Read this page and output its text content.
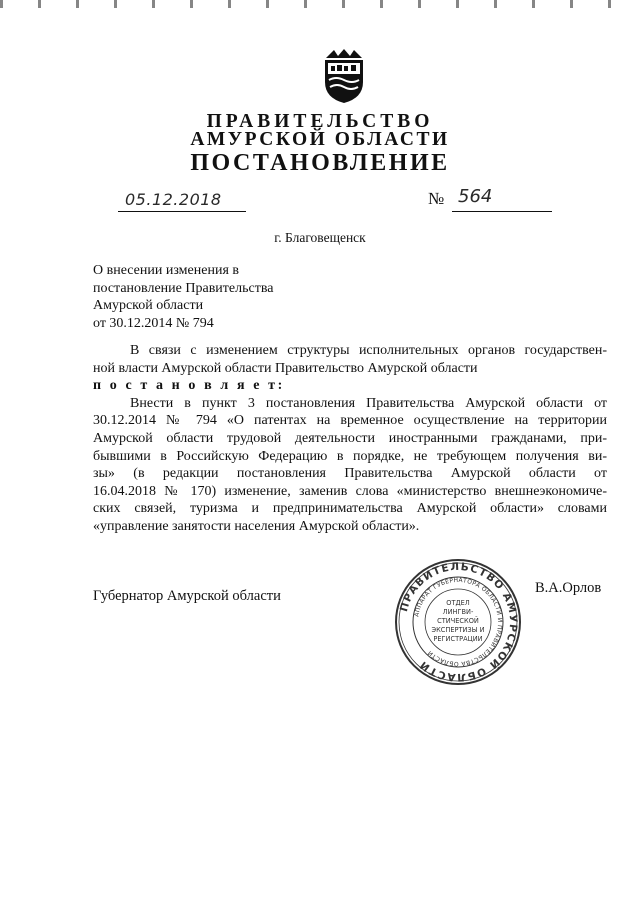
ПРАВИТЕЛЬСТВО
АМУРСКОЙ ОБЛАСТИ
ПОСТАНОВЛЕНИЕ
05.12.2018	№ 564
г. Благовещенск
О внесении изменения в
постановление Правительства
Амурской области
от 30.12.2014 № 794
В связи с изменением структуры исполнительных органов государствен-
ной власти Амурской области Правительство Амурской области
п о с т а н о в л я е т:
Внести в пункт 3 постановления Правительства Амурской области от
30.12.2014 № 794 «О патентах на временное осуществление на территории
Амурской области трудовой деятельности иностранными гражданами, при-
бывшими в Российскую Федерацию в порядке, не требующем получения ви-
зы» (в редакции постановления Правительства Амурской области от
16.04.2018 № 170) изменение, заменив слова «министерство внешнеэкономиче-
ских связей, туризма и предпринимательства Амурской области» словами
«управление занятости населения Амурской области».
Губернатор Амурской области	В.А.Орлов
ПРАВИТЕЛЬСТВО АМУРСКОЙ ОБЛАСТИ
АППАРАТ ГУБЕРНАТОРА ОБЛАСТИ И ПРАВИТЕЛЬСТВА ОБЛАСТИ
ОТДЕЛ
ЛИНГВИ-
СТИЧЕСКОЙ
ЭКСПЕРТИЗЫ И
РЕГИСТРАЦИИ
